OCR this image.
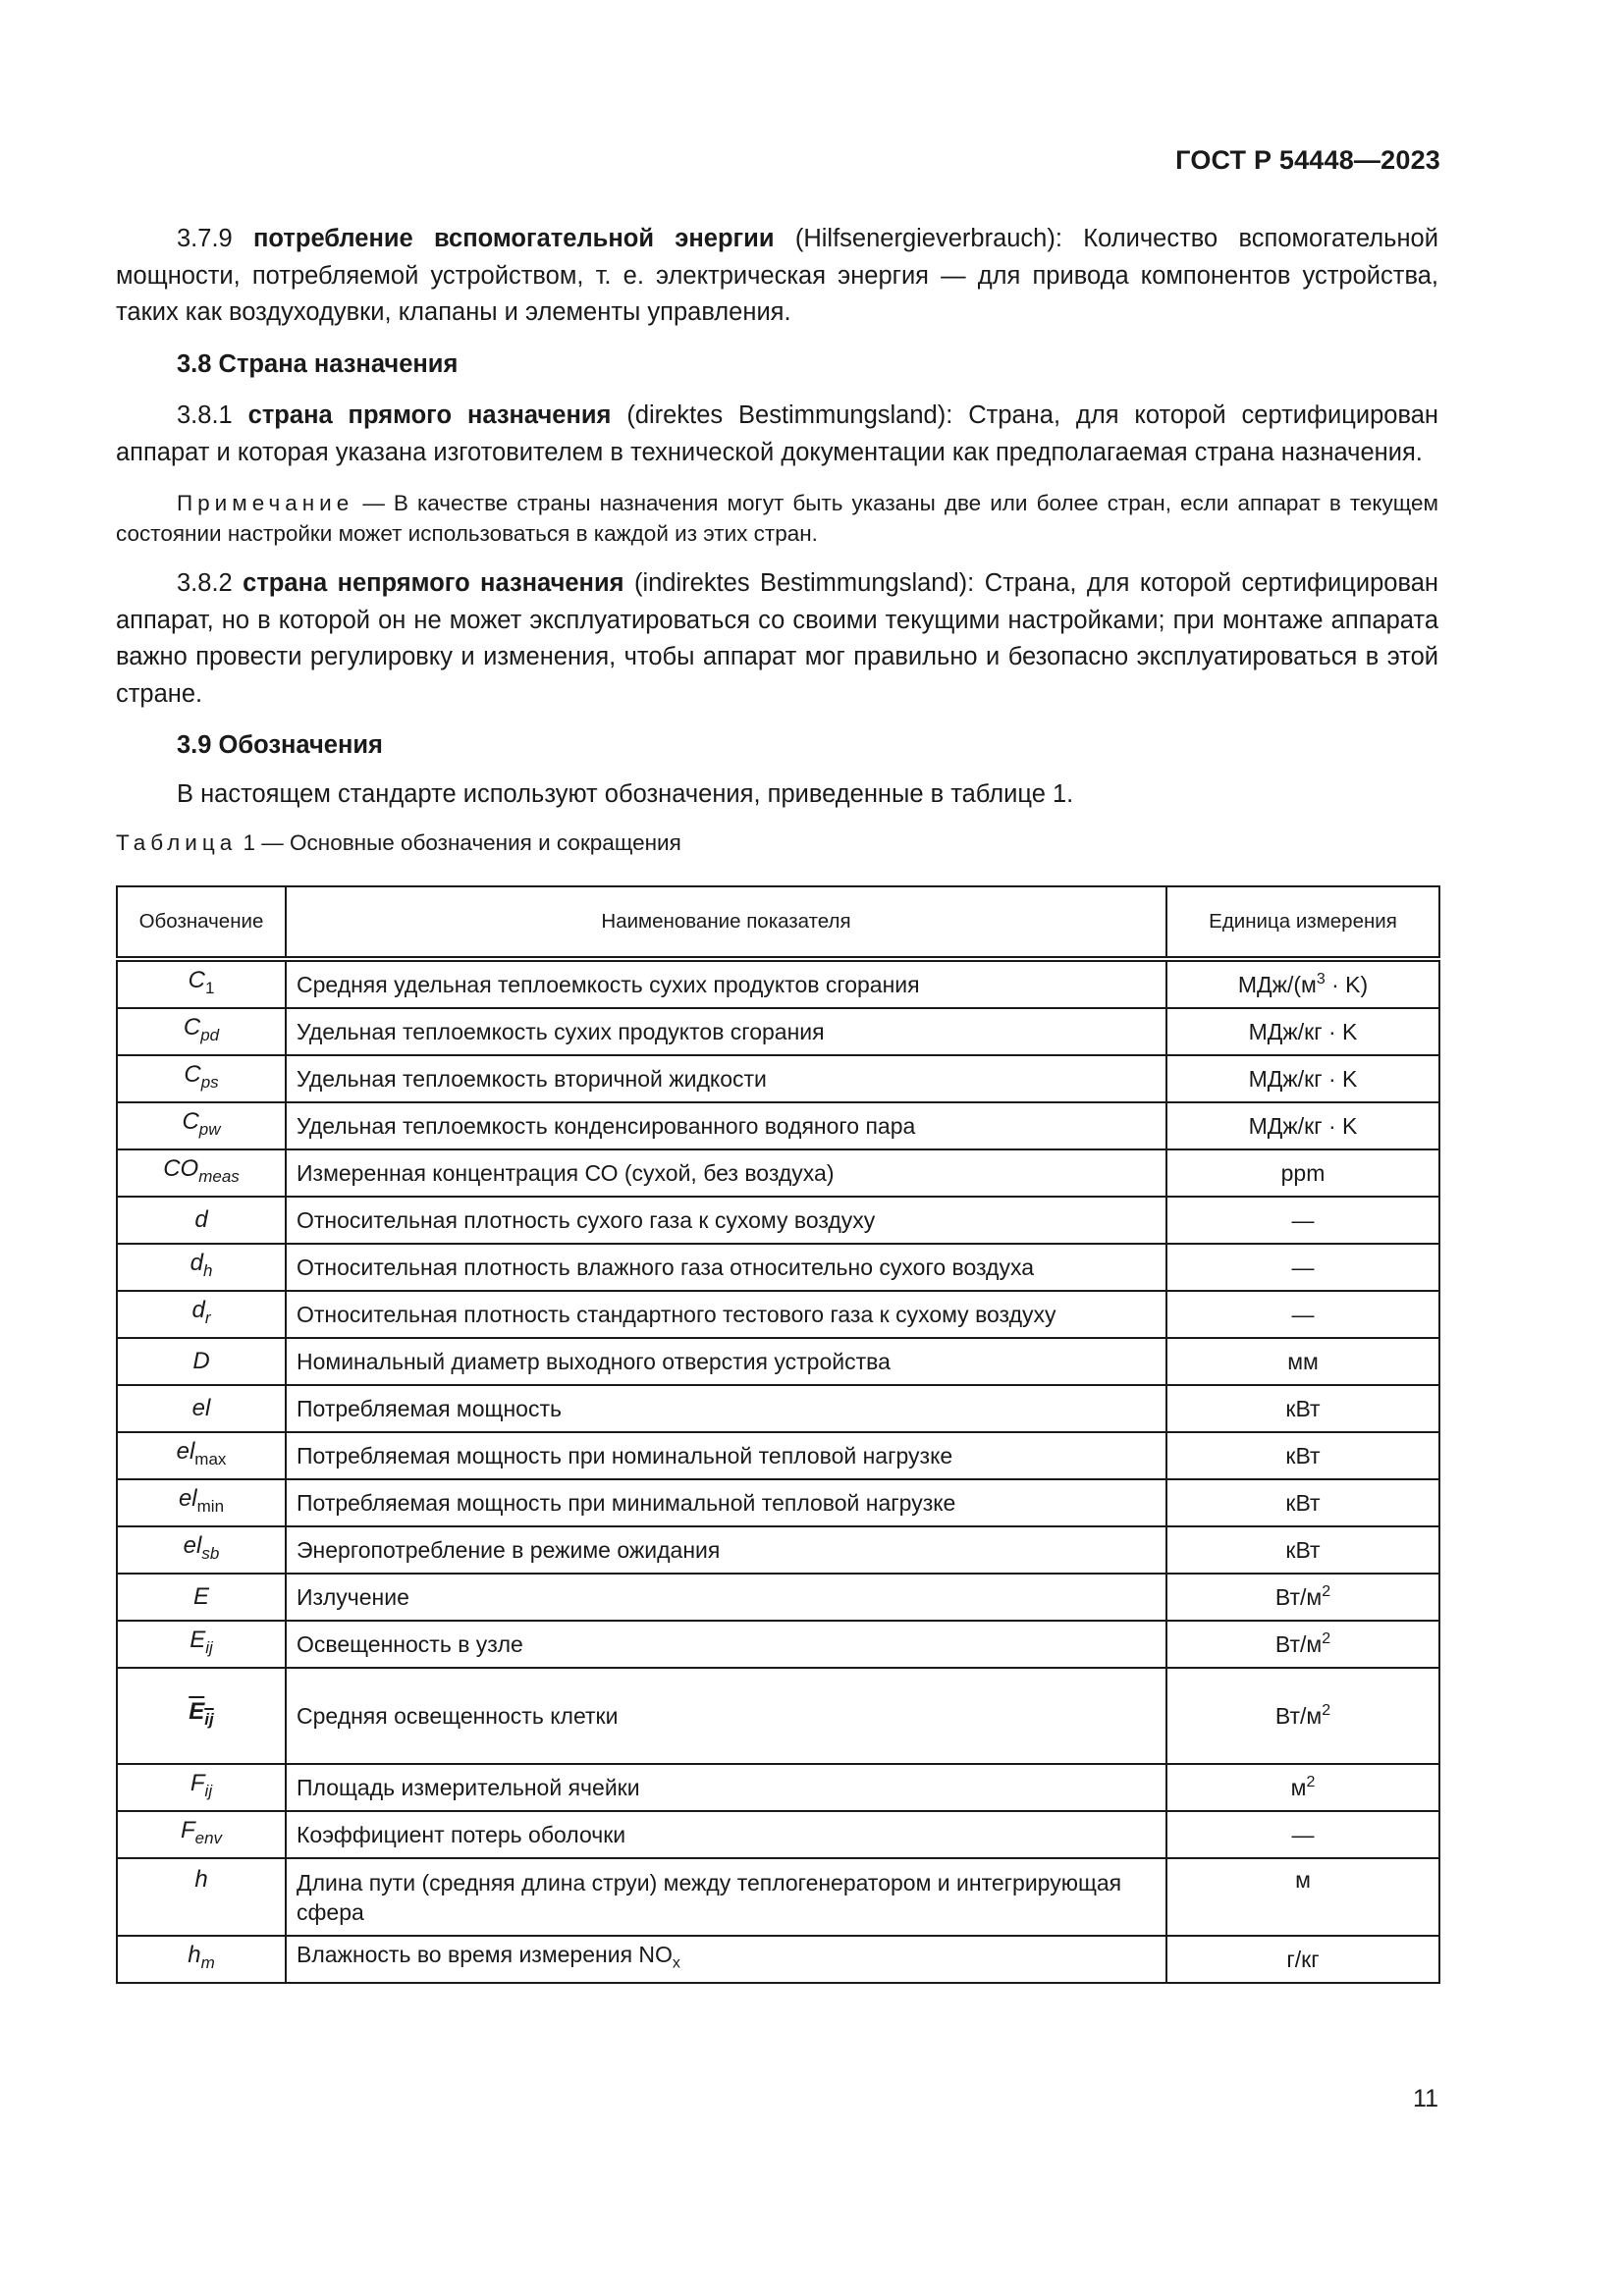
ГОСТ Р 54448—2023

3.7.9 потребление вспомогательной энергии (Hilfsenergieverbrauch): Количество вспомогательной мощности, потребляемой устройством, т. е. электрическая энергия — для привода компонентов устройства, таких как воздуходувки, клапаны и элементы управления.

3.8 Страна назначения

3.8.1 страна прямого назначения (direktes Bestimmungsland): Страна, для которой сертифицирован аппарат и которая указана изготовителем в технической документации как предполагаемая страна назначения.

Примечание — В качестве страны назначения могут быть указаны две или более стран, если аппарат в текущем состоянии настройки может использоваться в каждой из этих стран.

3.8.2 страна непрямого назначения (indirektes Bestimmungsland): Страна, для которой сертифицирован аппарат, но в которой он не может эксплуатироваться со своими текущими настройками; при монтаже аппарата важно провести регулировку и изменения, чтобы аппарат мог правильно и безопасно эксплуатироваться в этой стране.

3.9 Обозначения

В настоящем стандарте используют обозначения, приведенные в таблице 1.

Таблица 1 — Основные обозначения и сокращения

Обозначение	Наименование показателя	Единица измерения
$C_1$	Средняя удельная теплоемкость сухих продуктов сгорания	МДж/$(м^3 \cdot K)$
$C_{pd}$	Удельная теплоемкость сухих продуктов сгорания	МДж/кг · K
$C_{ps}$	Удельная теплоемкость вторичной жидкости	МДж/кг · K
$C_{pw}$	Удельная теплоемкость конденсированного водяного пара	МДж/кг · K
$CO_{meas}$	Измеренная концентрация СО (сухой, без воздуха)	ppm
d	Относительная плотность сухого газа к сухому воздуху	—
$d_h$	Относительная плотность влажного газа относительно сухого воздуха	—
$d_r$	Относительная плотность стандартного тестового газа к сухому воздуху	—
D	Номинальный диаметр выходного отверстия устройства	мм
el	Потребляемая мощность	кВт
$el_{max}$	Потребляемая мощность при номинальной тепловой нагрузке	кВт
$el_{min}$	Потребляемая мощность при минимальной тепловой нагрузке	кВт
$el_{sb}$	Энергопотребление в режиме ожидания	кВт
E	Излучение	$Вт/м^2$
$E_{ij}$	Освещенность в узле	$Вт/м^2$
$E_{ij}$	Средняя освещенность клетки	$Вт/м^2$
$F_{ij}$	Площадь измерительной ячейки	$м^2$
$F_{env}$	Коэффициент потерь оболочки	—
h	Длина пути (средняя длина струи) между теплогенератором и интегрирующая сфера	м
$h_m$	Влажность во время измерения $NO_x$	г/кг
11
